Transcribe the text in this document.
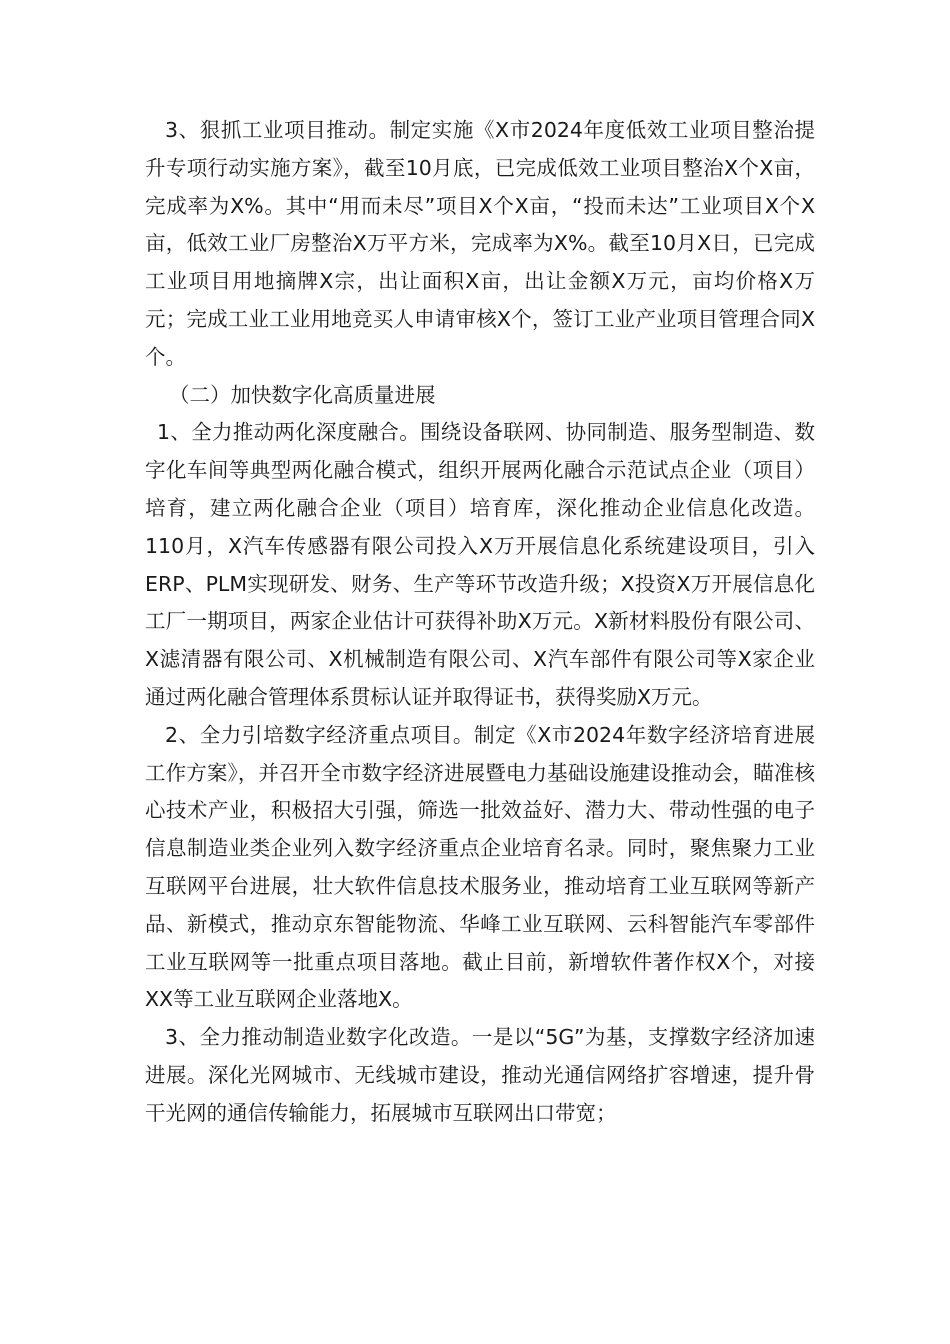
3、狠抓工业项目推动。制定实施《X市2024年度低效工业项目整治提升专项行动实施方案》，截至10月底，已完成低效工业项目整治X个X亩，完成率为X%。其中“用而未尽”项目X个X亩，“投而未达”工业项目X个X亩，低效工业厂房整治X万平方米，完成率为X%。截至10月X日，已完成工业项目用地摘牌X宗，出让面积X亩，出让金额X万元，亩均价格X万元；完成工业工业用地竞买人申请审核X个，签订工业产业项目管理合同X个。

（二）加快数字化高质量进展

1、全力推动两化深度融合。围绕设备联网、协同制造、服务型制造、数字化车间等典型两化融合模式，组织开展两化融合示范试点企业（项目）培育，建立两化融合企业（项目）培育库，深化推动企业信息化改造。110月，X汽车传感器有限公司投入X万开展信息化系统建设项目，引入ERP、PLM实现研发、财务、生产等环节改造升级；X投资X万开展信息化工厂一期项目，两家企业估计可获得补助X万元。X新材料股份有限公司、X滤清器有限公司、X机械制造有限公司、X汽车部件有限公司等X家企业通过两化融合管理体系贯标认证并取得证书，获得奖励X万元。

2、全力引培数字经济重点项目。制定《X市2024年数字经济培育进展工作方案》，并召开全市数字经济进展暨电力基础设施建设推动会，瞄准核心技术产业，积极招大引强，筛选一批效益好、潜力大、带动性强的电子信息制造业类企业列入数字经济重点企业培育名录。同时，聚焦聚力工业互联网平台进展，壮大软件信息技术服务业，推动培育工业互联网等新产品、新模式，推动京东智能物流、华峰工业互联网、云科智能汽车零部件工业互联网等一批重点项目落地。截止目前，新增软件著作权X个，对接XX等工业互联网企业落地X。

3、全力推动制造业数字化改造。一是以“5G”为基，支撑数字经济加速进展。深化光网城市、无线城市建设，推动光通信网络扩容增速，提升骨干光网的通信传输能力，拓展城市互联网出口带宽；
